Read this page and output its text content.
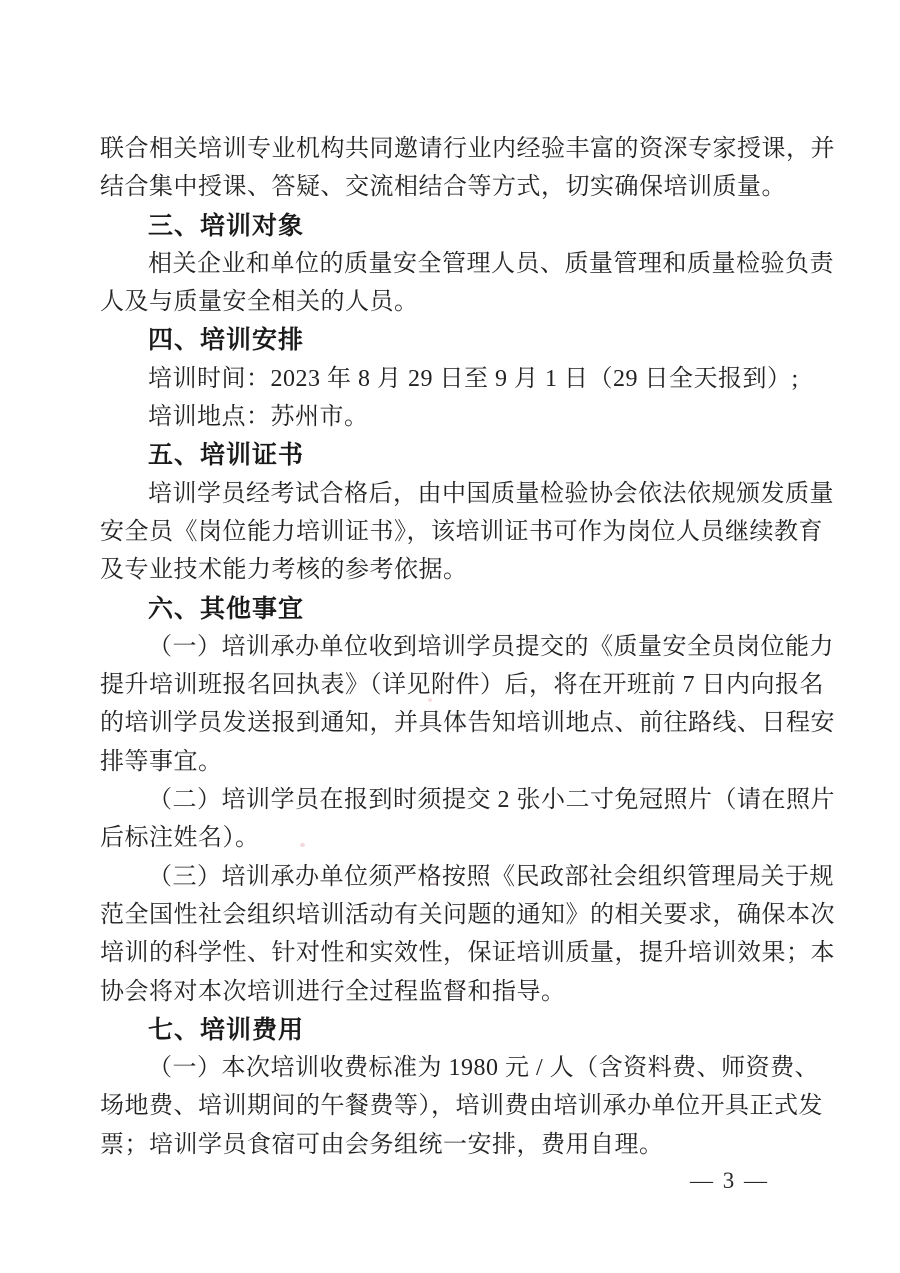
联合相关培训专业机构共同邀请行业内经验丰富的资深专家授课，并
结合集中授课、答疑、交流相结合等方式，切实确保培训质量。
三、培训对象
相关企业和单位的质量安全管理人员、质量管理和质量检验负责
人及与质量安全相关的人员。
四、培训安排
培训时间：2023 年 8 月 29 日至 9 月 1 日（29 日全天报到）;
培训地点：苏州市。
五、培训证书
培训学员经考试合格后，由中国质量检验协会依法依规颁发质量
安全员《岗位能力培训证书》，该培训证书可作为岗位人员继续教育
及专业技术能力考核的参考依据。
六、其他事宜
（一）培训承办单位收到培训学员提交的《质量安全员岗位能力
提升培训班报名回执表》（详见附件）后，将在开班前 7 日内向报名
的培训学员发送报到通知，并具体告知培训地点、前往路线、日程安
排等事宜。
（二）培训学员在报到时须提交 2 张小二寸免冠照片（请在照片
后标注姓名）。
（三）培训承办单位须严格按照《民政部社会组织管理局关于规
范全国性社会组织培训活动有关问题的通知》的相关要求，确保本次
培训的科学性、针对性和实效性，保证培训质量，提升培训效果；本
协会将对本次培训进行全过程监督和指导。
七、培训费用
（一）本次培训收费标准为 1980 元 / 人（含资料费、师资费、
场地费、培训期间的午餐费等），培训费由培训承办单位开具正式发
票；培训学员食宿可由会务组统一安排，费用自理。
— 3 —
